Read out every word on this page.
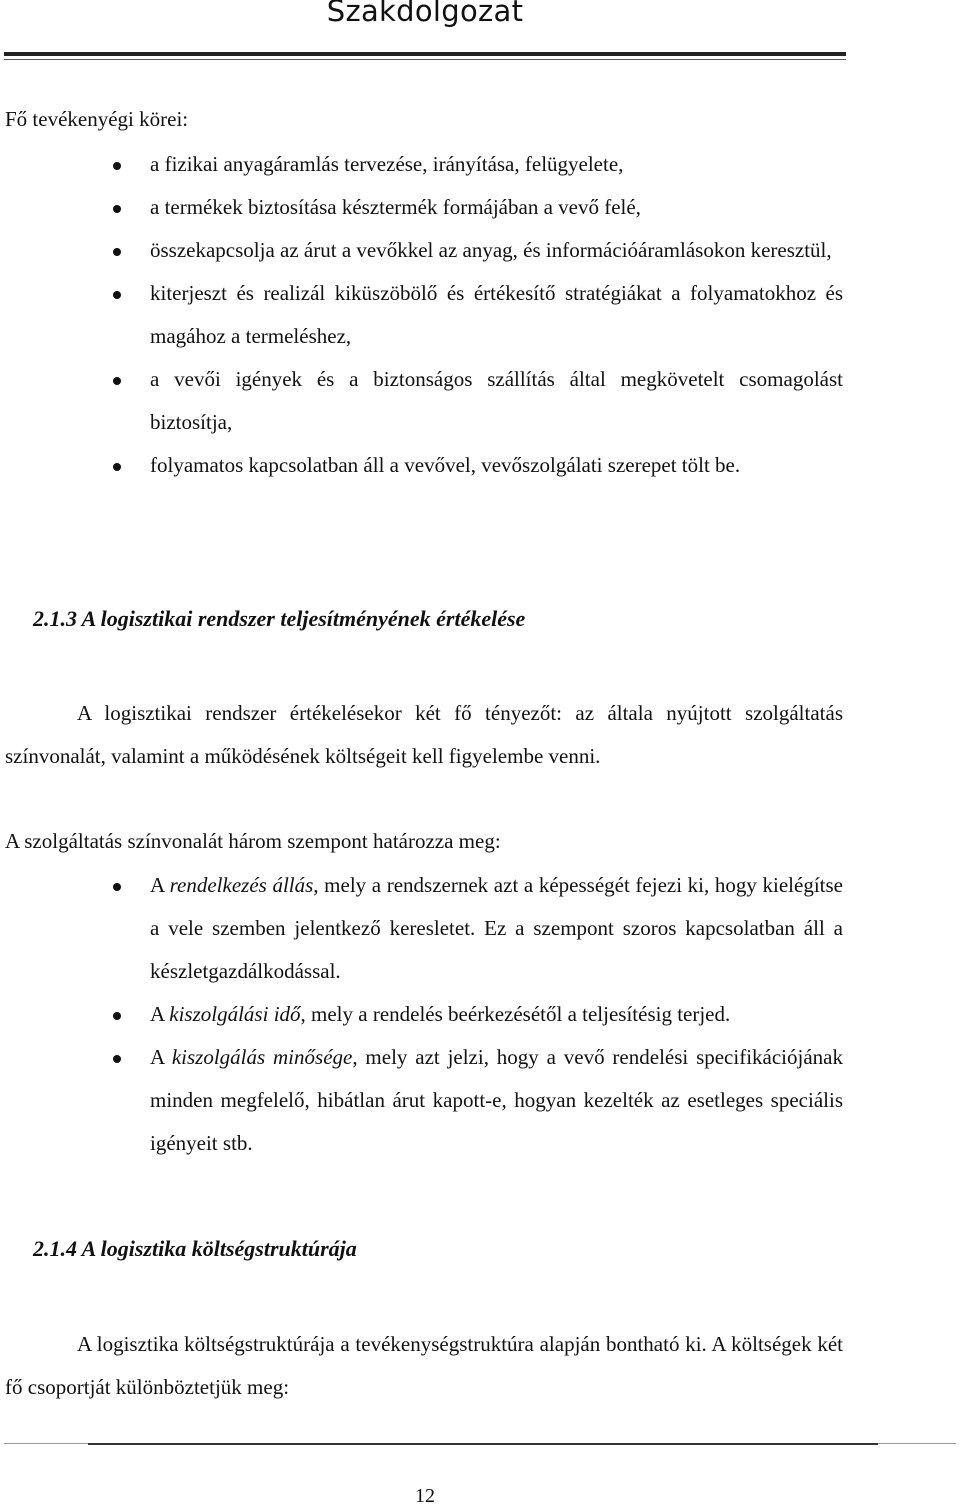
Szakdolgozat

Fő tevékenyégi körei:

a fizikai anyagáramlás tervezése, irányítása, felügyelete,
a termékek biztosítása késztermék formájában a vevő felé,
összekapcsolja az árut a vevőkkel az anyag, és információáramlásokon keresztül,
kiterjeszt és realizál kiküszöbölő és értékesítő stratégiákat a folyamatokhoz és magához a termeléshez,
a vevői igények és a biztonságos szállítás által megkövetelt csomagolást biztosítja,
folyamatos kapcsolatban áll a vevővel, vevőszolgálati szerepet tölt be.
2.1.3 A logisztikai rendszer teljesítményének értékelése

A logisztikai rendszer értékelésekor két fő tényezőt: az általa nyújtott szolgáltatás színvonalát, valamint a működésének költségeit kell figyelembe venni.

A szolgáltatás színvonalát három szempont határozza meg:

A rendelkezés állás, mely a rendszernek azt a képességét fejezi ki, hogy kielégítse a vele szemben jelentkező keresletet. Ez a szempont szoros kapcsolatban áll a készletgazdálkodással.
A kiszolgálási idő, mely a rendelés beérkezésétől a teljesítésig terjed.
A kiszolgálás minősége, mely azt jelzi, hogy a vevő rendelési specifikációjának minden megfelelő, hibátlan árut kapott-e, hogyan kezelték az esetleges speciális igényeit stb.
2.1.4 A logisztika költségstruktúrája

A logisztika költségstruktúrája a tevékenységstruktúra alapján bontható ki. A költségek két fő csoportját különböztetjük meg:

12
